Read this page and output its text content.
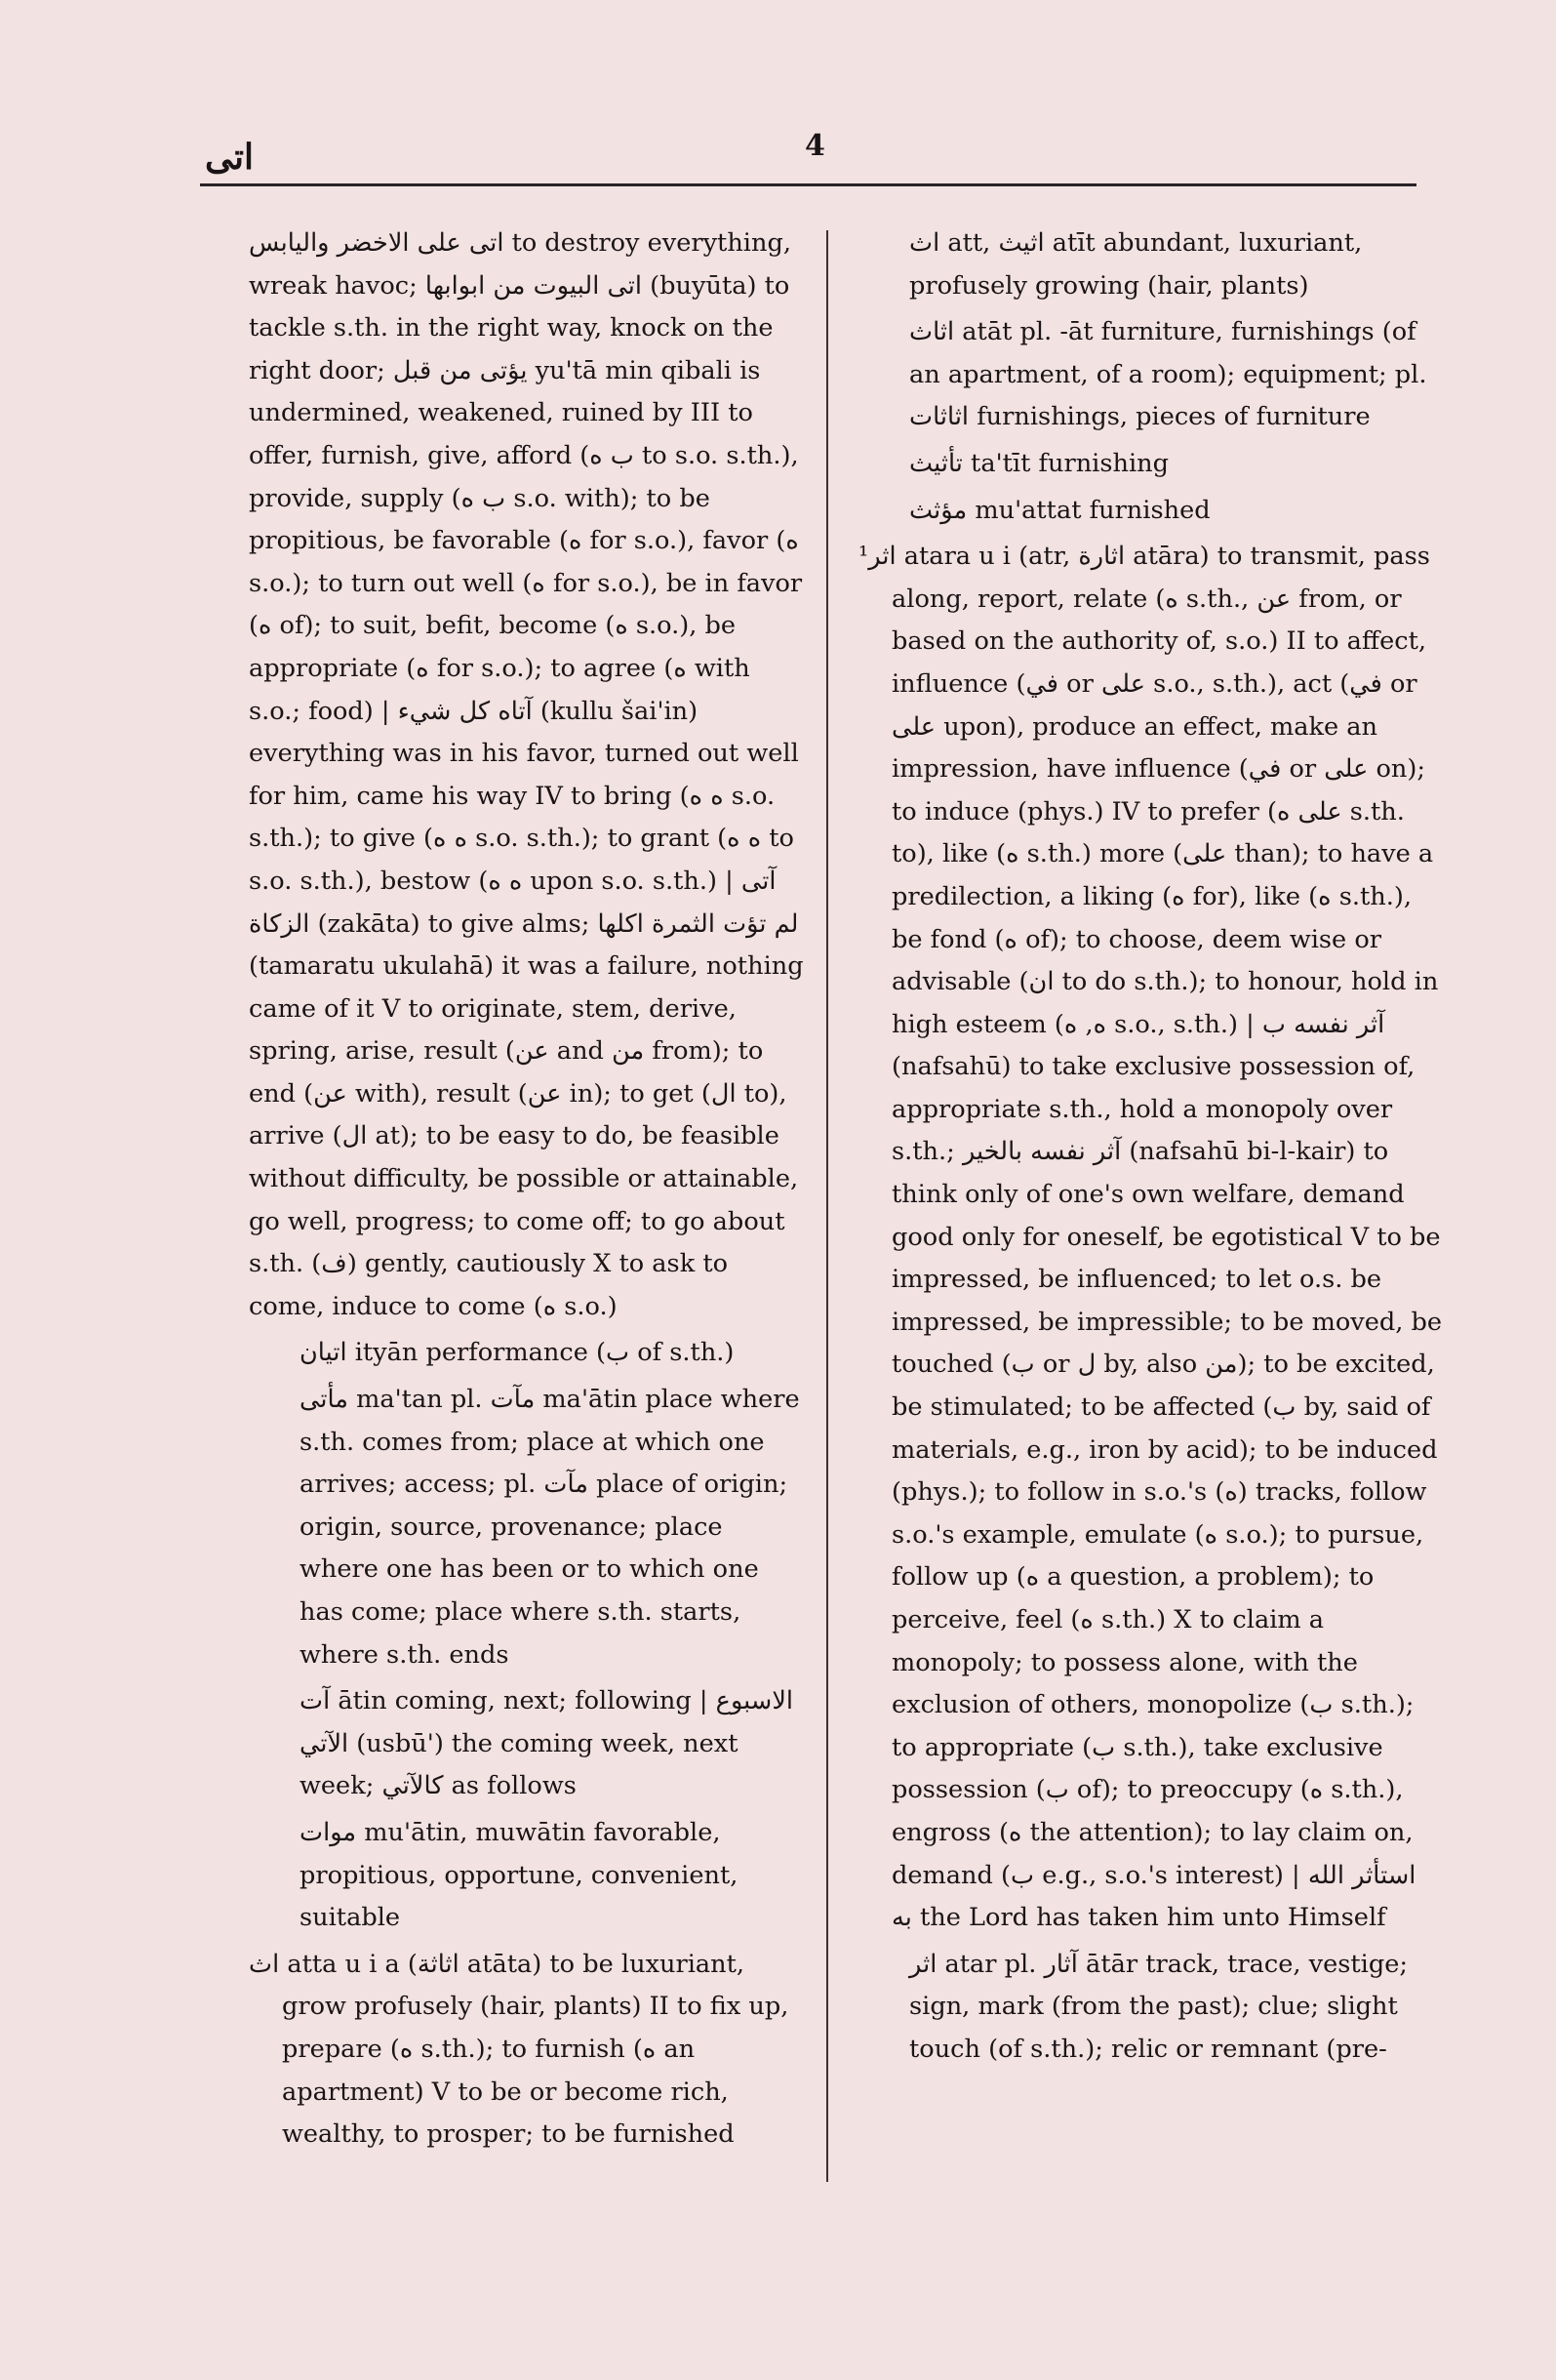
اتى	4

اتى على الاخضر واليابس to destroy everything, wreak havoc; اتى البيوت من ابوابها (buyūta) to tackle s.th. in the right way, knock on the right door; يؤتى من قبل yu'tā min qibali is undermined, weakened, ruined by III to offer, furnish, give, afford (ب ه to s.o. s.th.), provide, supply (ب ه s.o. with); to be propitious, be favorable (ه for s.o.), favor (ه s.o.); to turn out well (ه for s.o.), be in favor (ه of); to suit, befit, become (ه s.o.), be appropriate (ه for s.o.); to agree (ه with s.o.; food) | آتاه كل شيء (kullu šai'in) everything was in his favor, turned out well for him, came his way IV to bring (ه ه s.o. s.th.); to give (ه ه s.o. s.th.); to grant (ه ه to s.o. s.th.), bestow (ه ه upon s.o. s.th.) | آتى الزكاة (zakāta) to give alms; لم تؤت الثمرة اكلها (tamaratu ukulahā) it was a failure, nothing came of it V to originate, stem, derive, spring, arise, result (عن and من from); to end (عن with), result (عن in); to get (ال to), arrive (ال at); to be easy to do, be feasible without difficulty, be possible or attainable, go well, progress; to come off; to go about s.th. (ف) gently, cautiously X to ask to come, induce to come (ه s.o.)

اتيان ityān performance (ب of s.th.)

مأتى ma'tan pl. مآت ma'ātin place where s.th. comes from; place at which one arrives; access; pl. مآت place of origin; origin, source, provenance; place where one has been or to which one has come; place where s.th. starts, where s.th. ends

آت ātin coming, next; following | الاسبوع الآتي (usbū') the coming week, next week; كالآتي as follows

موات mu'ātin, muwātin favorable, propitious, opportune, convenient, suitable

اث atta u i a (اثاثة atāta) to be luxuriant, grow profusely (hair, plants) II to fix up, prepare (ه s.th.); to furnish (ه an apartment) V to be or become rich, wealthy, to prosper; to be furnished

اث att, اثيث atīt abundant, luxuriant, profusely growing (hair, plants)

اثاث atāt pl. -āt furniture, furnishings (of an apartment, of a room); equipment; pl. اثاثات furnishings, pieces of furniture

تأثيث ta'tīt furnishing

مؤثث mu'attat furnished

¹اثر atara u i (atr, اثارة atāra) to transmit, pass along, report, relate (ه s.th., عن from, or based on the authority of, s.o.) II to affect, influence (في or على s.o., s.th.), act (في or على upon), produce an effect, make an impression, have influence (في or على on); to induce (phys.) IV to prefer (على ه s.th. to), like (ه s.th.) more (على than); to have a predilection, a liking (ه for), like (ه s.th.), be fond (ه of); to choose, deem wise or advisable (ان to do s.th.); to honour, hold in high esteem (ه, ه s.o., s.th.) | آثر نفسه ب (nafsahū) to take exclusive possession of, appropriate s.th., hold a monopoly over s.th.; آثر نفسه بالخير (nafsahū bi-l-kair) to think only of one's own welfare, demand good only for oneself, be egotistical V to be impressed, be influenced; to let o.s. be impressed, be impressible; to be moved, be touched (ب or ل by, also من); to be excited, be stimulated; to be affected (ب by, said of materials, e.g., iron by acid); to be induced (phys.); to follow in s.o.'s (ه) tracks, follow s.o.'s example, emulate (ه s.o.); to pursue, follow up (ه a question, a problem); to perceive, feel (ه s.th.) X to claim a monopoly; to possess alone, with the exclusion of others, monopolize (ب s.th.); to appropriate (ب s.th.), take exclusive possession (ب of); to preoccupy (ه s.th.), engross (ه the attention); to lay claim on, demand (ب e.g., s.o.'s interest) | استأثر الله به the Lord has taken him unto Himself

اثر atar pl. آثار ātār track, trace, vestige; sign, mark (from the past); clue; slight touch (of s.th.); relic or remnant (pre-
